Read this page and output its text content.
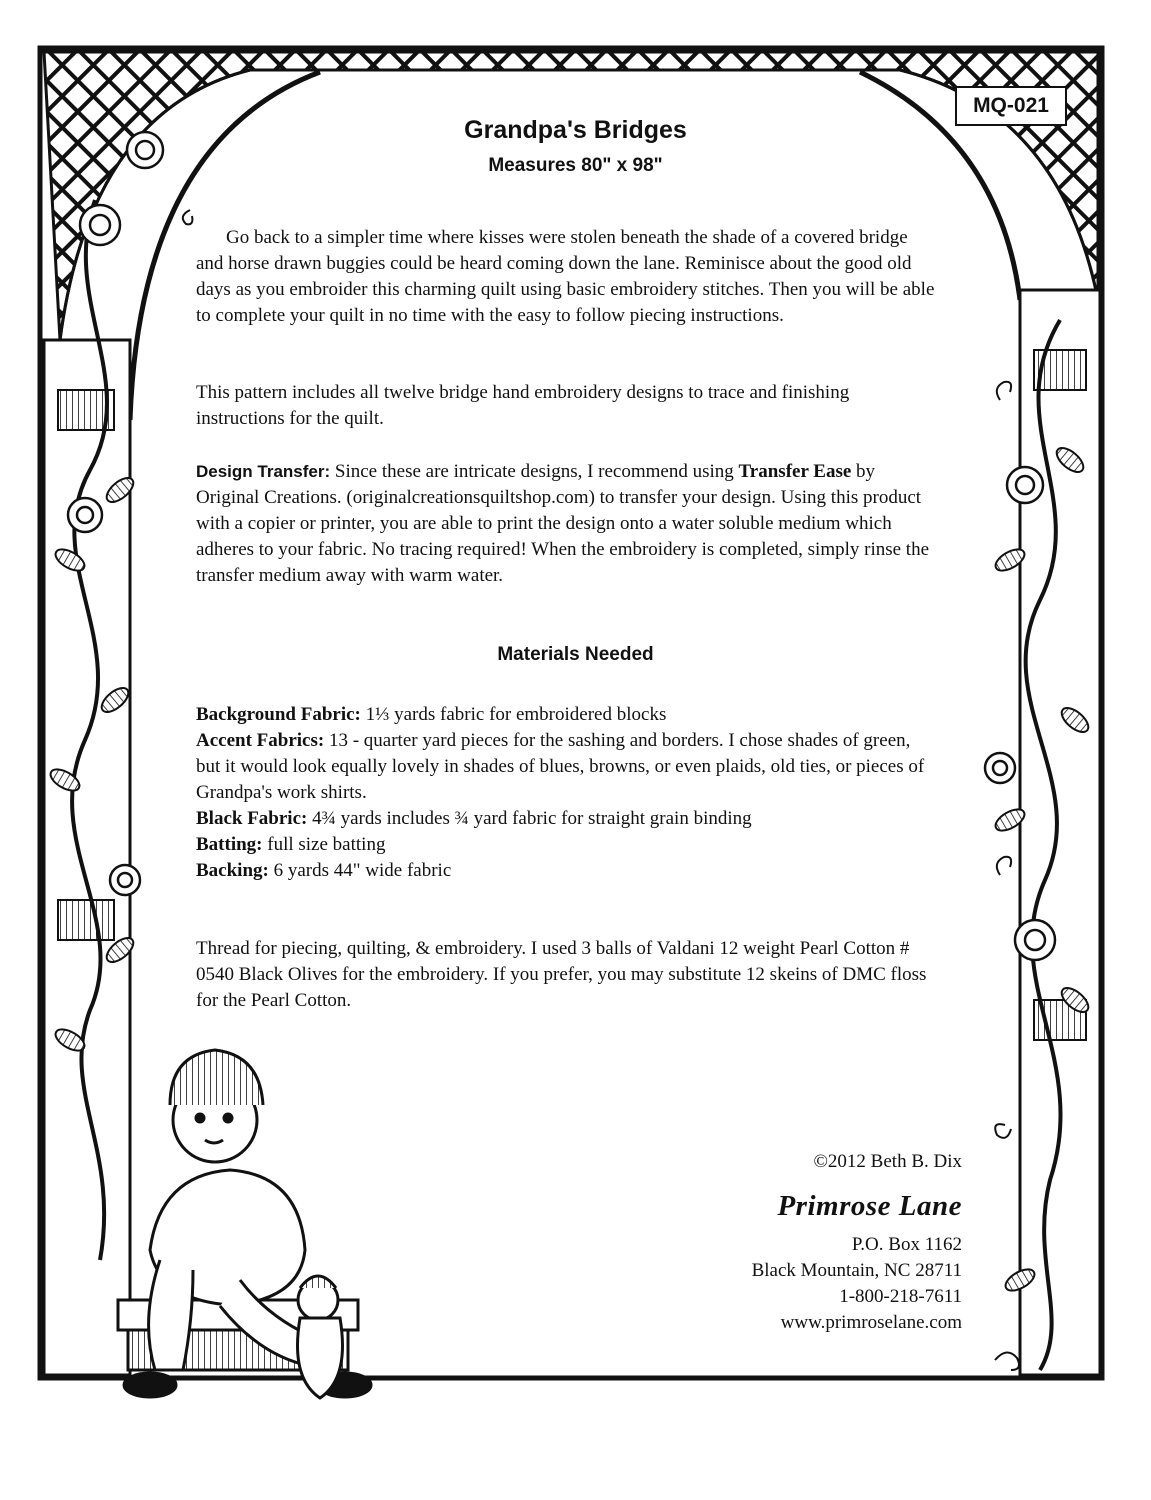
MQ-021
Grandpa's Bridges
Measures 80" x 98"

Go back to a simpler time where kisses were stolen beneath the shade of a covered bridge and horse drawn buggies could be heard coming down the lane. Reminisce about the good old days as you embroider this charming quilt using basic embroidery stitches. Then you will be able to complete your quilt in no time with the easy to follow piecing instructions.

This pattern includes all twelve bridge hand embroidery designs to trace and finishing instructions for the quilt.

Design Transfer: Since these are intricate designs, I recommend using Transfer Ease by Original Creations. (originalcreationsquiltshop.com) to transfer your design. Using this product with a copier or printer, you are able to print the design onto a water soluble medium which adheres to your fabric. No tracing required! When the embroidery is completed, simply rinse the transfer medium away with warm water.

Materials Needed
Background Fabric: 1⅓ yards fabric for embroidered blocks
Accent Fabrics: 13 - quarter yard pieces for the sashing and borders. I chose shades of green, but it would look equally lovely in shades of blues, browns, or even plaids, old ties, or pieces of Grandpa's work shirts.
Black Fabric: 4¾ yards includes ¾ yard fabric for straight grain binding
Batting: full size batting
Backing: 6 yards 44" wide fabric

Thread for piecing, quilting, & embroidery. I used 3 balls of Valdani 12 weight Pearl Cotton # 0540 Black Olives for the embroidery. If you prefer, you may substitute 12 skeins of DMC floss for the Pearl Cotton.

©2012 Beth B. Dix
Primrose Lane
P.O. Box 1162
Black Mountain, NC 28711
1-800-218-7611
www.primroselane.com
